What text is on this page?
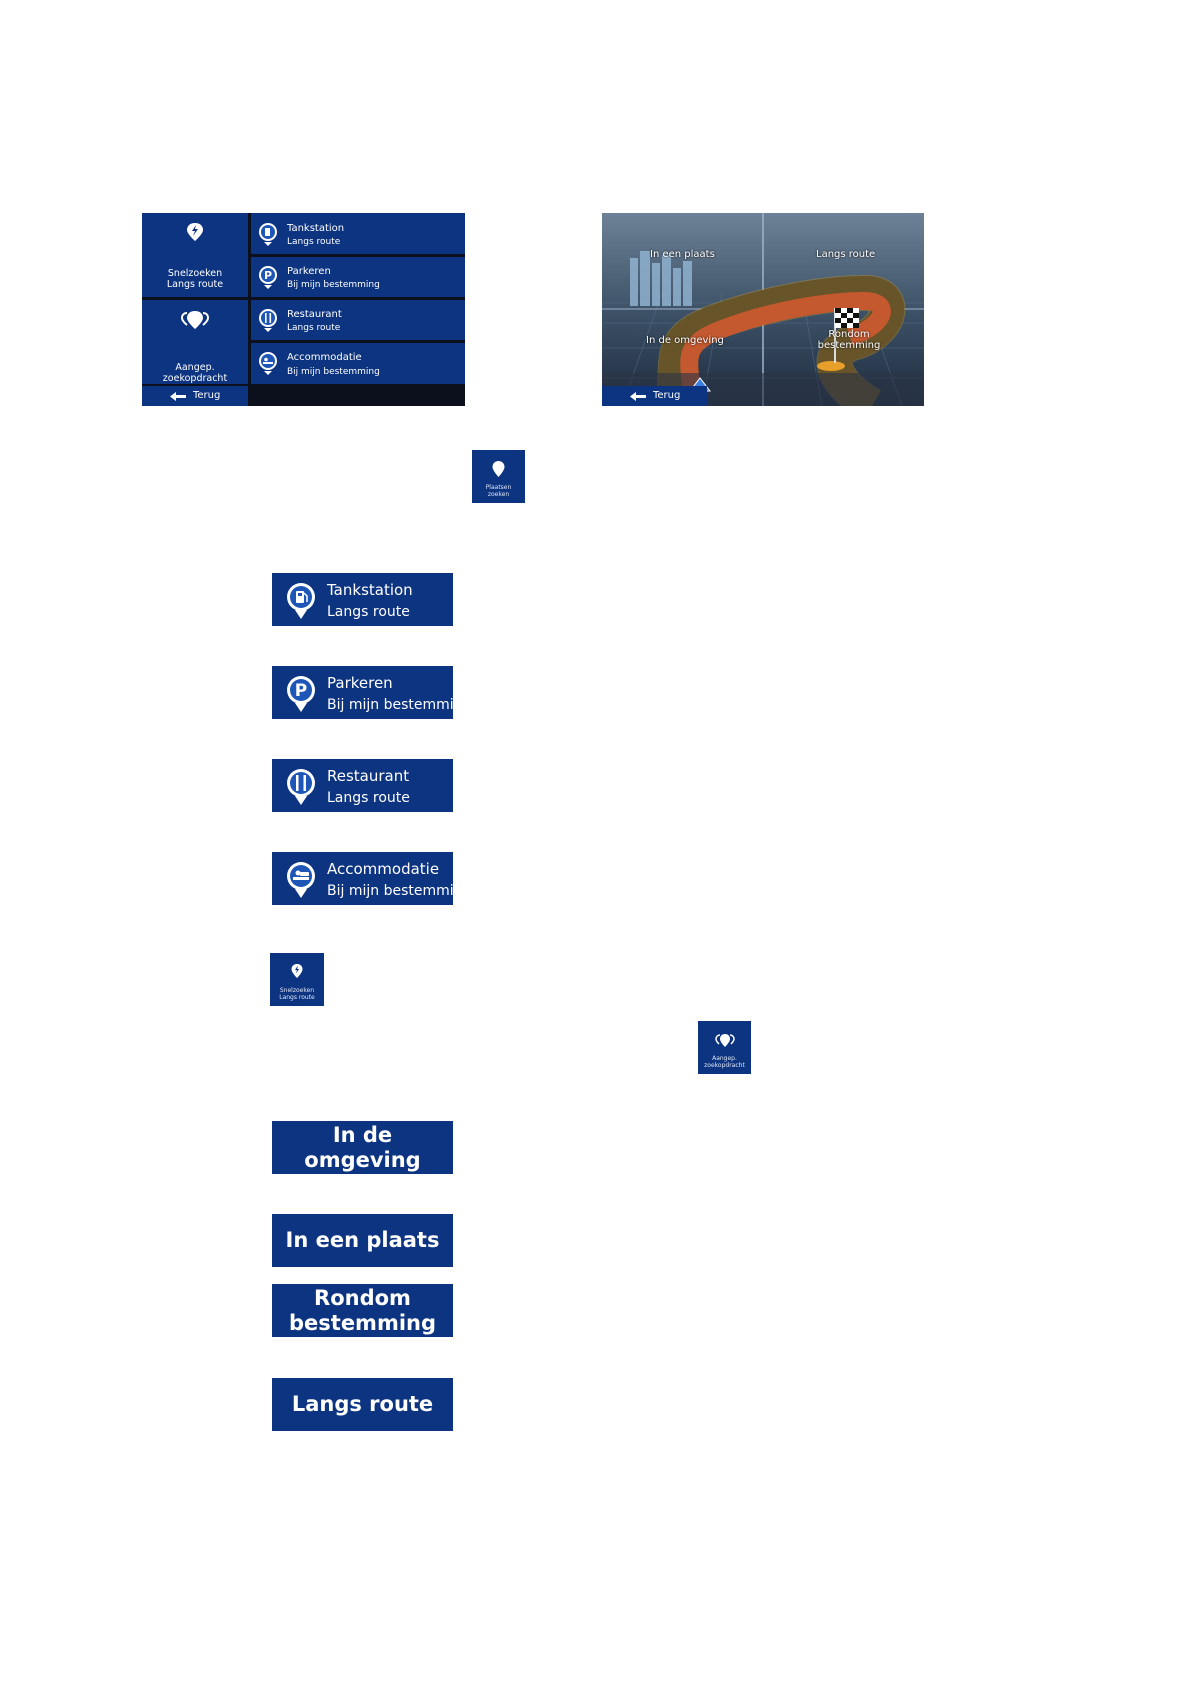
Snelzoeken
Langs route
Aangep. zoekopdracht
Tankstation
Langs route
P Parkeren
Bij mijn bestemming
Restaurant
Langs route
Accommodatie
Bij mijn bestemming
Terug
In een plaats	Langs route
In de omgeving
Rondom
bestemming
Terug
Plaatsen
zoeken
Tankstation
Langs route
P Parkeren
Bij mijn bestemming
Restaurant
Langs route
Accommodatie
Bij mijn bestemming
Snelzoeken
Langs route
Aangep.
zoekopdracht
In de omgeving
In een plaats
Rondom
bestemming
Langs route
